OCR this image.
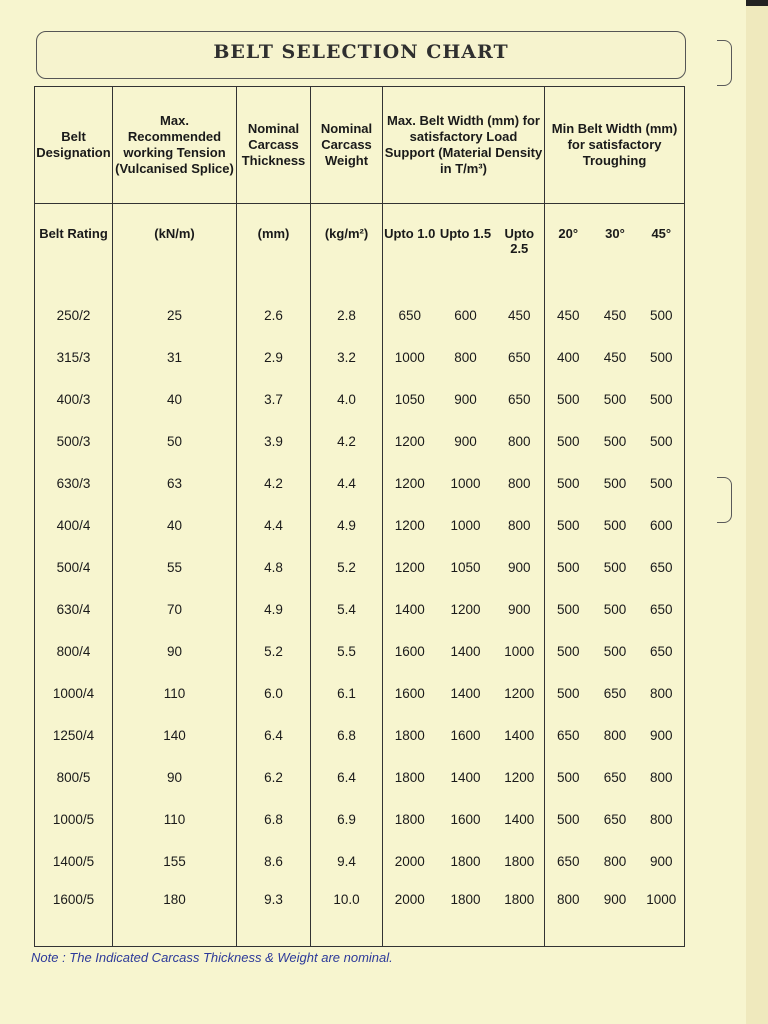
BELT SELECTION CHART
Belt Designation	Max. Recommended working Tension (Vulcanised Splice)	Nominal Carcass Thickness	Nominal Carcass Weight	Max. Belt Width (mm) for satisfactory Load Support (Material Density in T/m³)			Min Belt Width (mm) for satisfactory Troughing		
Belt Rating	(kN/m)	(mm)	(kg/m²)	Upto 1.0	Upto 1.5	Upto 2.5	20°	30°	45°
250/2	25	2.6	2.8	650	600	450	450	450	500
315/3	31	2.9	3.2	1000	800	650	400	450	500
400/3	40	3.7	4.0	1050	900	650	500	500	500
500/3	50	3.9	4.2	1200	900	800	500	500	500
630/3	63	4.2	4.4	1200	1000	800	500	500	500
400/4	40	4.4	4.9	1200	1000	800	500	500	600
500/4	55	4.8	5.2	1200	1050	900	500	500	650
630/4	70	4.9	5.4	1400	1200	900	500	500	650
800/4	90	5.2	5.5	1600	1400	1000	500	500	650
1000/4	110	6.0	6.1	1600	1400	1200	500	650	800
1250/4	140	6.4	6.8	1800	1600	1400	650	800	900
800/5	90	6.2	6.4	1800	1400	1200	500	650	800
1000/5	110	6.8	6.9	1800	1600	1400	500	650	800
1400/5	155	8.6	9.4	2000	1800	1800	650	800	900
1600/5	180	9.3	10.0	2000	1800	1800	800	900	1000
Note : The Indicated Carcass Thickness & Weight are nominal.
